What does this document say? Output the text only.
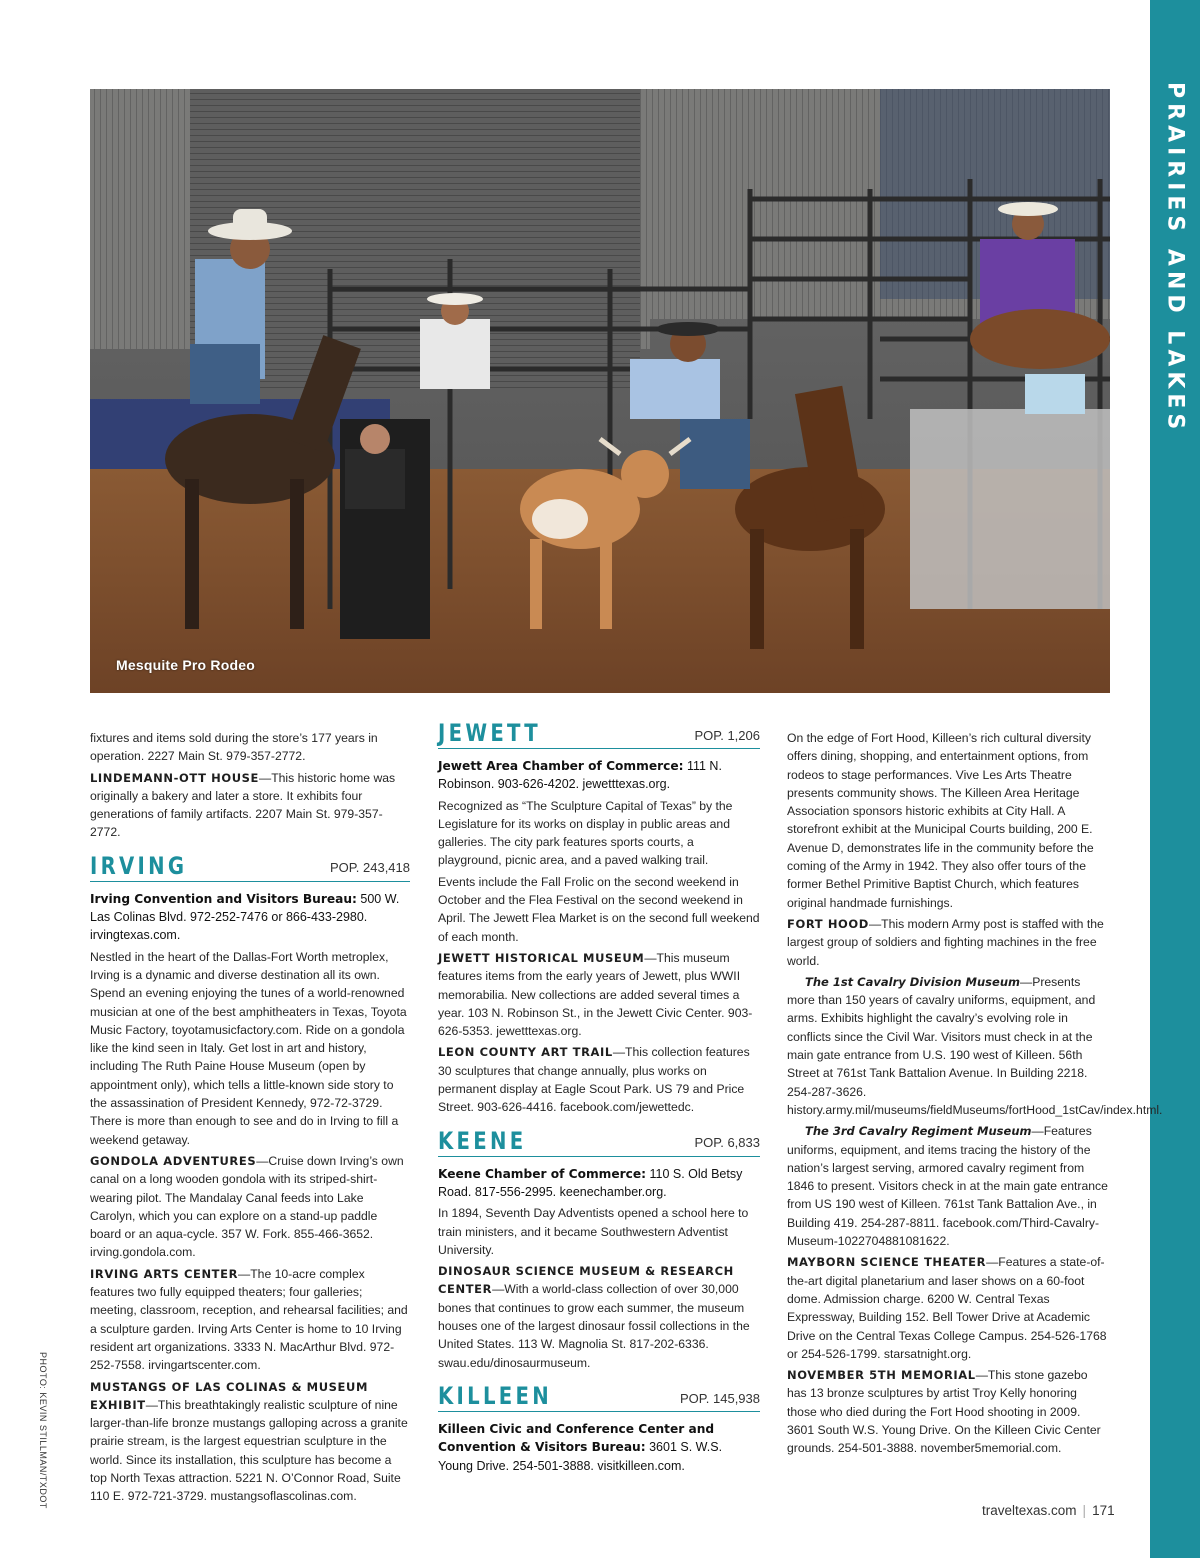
PRAIRIES AND LAKES
Mesquite Pro Rodeo
PHOTO: KEVIN STILLMAN/TXDOT

fixtures and items sold during the store’s 177 years in operation. 2227 Main St. 979-357-2772.

LINDEMANN-OTT HOUSE—This historic home was originally a bakery and later a store. It exhibits four generations of family artifacts. 2207 Main St. 979-357-2772.

IRVING	POP. 243,418

Irving Convention and Visitors Bureau: 500 W. Las Colinas Blvd. 972-252-7476 or 866-433-2980. irvingtexas.com.

Nestled in the heart of the Dallas-Fort Worth metroplex, Irving is a dynamic and diverse destination all its own. Spend an evening enjoying the tunes of a world-renowned musician at one of the best amphitheaters in Texas, Toyota Music Factory, toyotamusicfactory.com. Ride on a gondola like the kind seen in Italy. Get lost in art and history, including The Ruth Paine House Museum (open by appointment only), which tells a little-known side story to the assassination of President Kennedy, 972-72-3729. There is more than enough to see and do in Irving to fill a weekend getaway.

GONDOLA ADVENTURES—Cruise down Irving’s own canal on a long wooden gondola with its striped-shirt-wearing pilot. The Mandalay Canal feeds into Lake Carolyn, which you can explore on a stand-up paddle board or an aqua-cycle. 357 W. Fork. 855-466-3652. irving.gondola.com.

IRVING ARTS CENTER—The 10-acre complex features two fully equipped theaters; four galleries; meeting, classroom, reception, and rehearsal facilities; and a sculpture garden. Irving Arts Center is home to 10 Irving resident art organizations. 3333 N. MacArthur Blvd. 972-252-7558. irvingartscenter.com.

MUSTANGS OF LAS COLINAS & MUSEUM EXHIBIT—This breathtakingly realistic sculpture of nine larger-than-life bronze mustangs galloping across a granite prairie stream, is the largest equestrian sculpture in the world. Since its installation, this sculpture has become a top North Texas attraction. 5221 N. O’Connor Road, Suite 110 E. 972-721-3729. mustangsoflascolinas.com.

JEWETT	POP. 1,206

Jewett Area Chamber of Commerce: 111 N. Robinson. 903-626-4202. jewetttexas.org.

Recognized as “The Sculpture Capital of Texas” by the Legislature for its works on display in public areas and galleries. The city park features sports courts, a playground, picnic area, and a paved walking trail.

Events include the Fall Frolic on the second weekend in October and the Flea Festival on the second weekend in April. The Jewett Flea Market is on the second full weekend of each month.

JEWETT HISTORICAL MUSEUM—This museum features items from the early years of Jewett, plus WWII memorabilia. New collections are added several times a year. 103 N. Robinson St., in the Jewett Civic Center. 903-626-5353. jewetttexas.org.

LEON COUNTY ART TRAIL—This collection features 30 sculptures that change annually, plus works on permanent display at Eagle Scout Park. US 79 and Price Street. 903-626-4416. facebook.com/jewettedc.

KEENE	POP. 6,833

Keene Chamber of Commerce: 110 S. Old Betsy Road. 817-556-2995. keenechamber.org.

In 1894, Seventh Day Adventists opened a school here to train ministers, and it became Southwestern Adventist University.

DINOSAUR SCIENCE MUSEUM & RESEARCH CENTER—With a world-class collection of over 30,000 bones that continues to grow each summer, the museum houses one of the largest dinosaur fossil collections in the United States. 113 W. Magnolia St. 817-202-6336. swau.edu/dinosaurmuseum.

KILLEEN	POP. 145,938

Killeen Civic and Conference Center and Convention & Visitors Bureau: 3601 S. W.S. Young Drive. 254-501-3888. visitkilleen.com.

On the edge of Fort Hood, Killeen’s rich cultural diversity offers dining, shopping, and entertainment options, from rodeos to stage performances. Vive Les Arts Theatre presents community shows. The Killeen Area Heritage Association sponsors historic exhibits at City Hall. A storefront exhibit at the Municipal Courts building, 200 E. Avenue D, demonstrates life in the community before the coming of the Army in 1942. They also offer tours of the former Bethel Primitive Baptist Church, which features original handmade furnishings.

FORT HOOD—This modern Army post is staffed with the largest group of soldiers and fighting machines in the free world.

The 1st Cavalry Division Museum—Presents more than 150 years of cavalry uniforms, equipment, and arms. Exhibits highlight the cavalry’s evolving role in conflicts since the Civil War. Visitors must check in at the main gate entrance from U.S. 190 west of Killeen. 56th Street at 761st Tank Battalion Avenue. In Building 2218. 254-287-3626. history.army.mil/museums/fieldMuseums/fortHood_1stCav/index.html.

The 3rd Cavalry Regiment Museum—Features uniforms, equipment, and items tracing the history of the nation’s largest serving, armored cavalry regiment from 1846 to present. Visitors check in at the main gate entrance from US 190 west of Killeen. 761st Tank Battalion Ave., in Building 419. 254-287-8811. facebook.com/Third-Cavalry-Museum-1022704881081622.

MAYBORN SCIENCE THEATER—Features a state-of-the-art digital planetarium and laser shows on a 60-foot dome. Admission charge. 6200 W. Central Texas Expressway, Building 152. Bell Tower Drive at Academic Drive on the Central Texas College Campus. 254-526-1768 or 254-526-1799. starsatnight.org.

NOVEMBER 5TH MEMORIAL—This stone gazebo has 13 bronze sculptures by artist Troy Kelly honoring those who died during the Fort Hood shooting in 2009. 3601 South W.S. Young Drive. On the Killeen Civic Center grounds. 254-501-3888. november5memorial.com.

traveltexas.com | 171
